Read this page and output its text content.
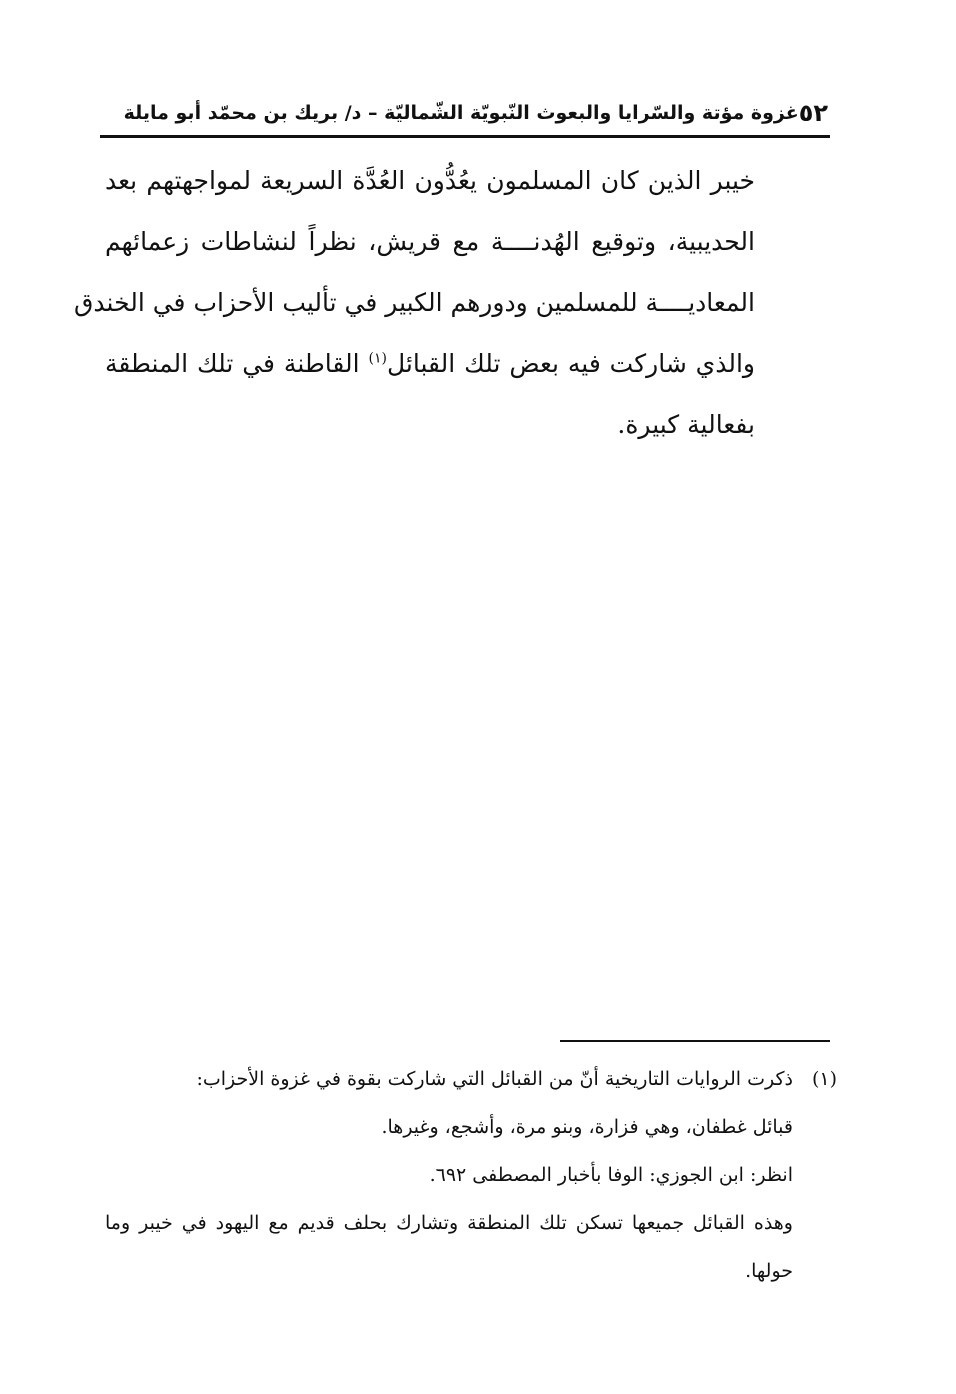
٥٢
غزوة مؤتة والسّرايا والبعوث النّبويّة الشّماليّة – د/ بريك بن محمّد أبو مايلة
خيبر الذين كان المسلمون يعُدُّون العُدَّة السريعة لمواجهتهم بعد
الحديبية، وتوقيع الهُدنــــة مع قريش، نظراً لنشاطات زعمائهم
المعاديــــة للمسلمين ودورهم الكبير في تأليب الأحزاب في الخندق
والذي شاركت فيه بعض تلك القبائل$^{(١)}$ القاطنة في تلك المنطقة
بفعالية كبيرة.
(١)ذكرت الروايات التاريخية أنّ من القبائل التي شاركت بقوة في غزوة الأحزاب:
قبائل غطفان، وهي فزارة، وبنو مرة، وأشجع، وغيرها.
انظر: ابن الجوزي: الوفا بأخبار المصطفى ٦٩٢.
وهذه القبائل جميعها تسكن تلك المنطقة وتشارك بحلف قديم مع اليهود في خيبر وما
حولها.
